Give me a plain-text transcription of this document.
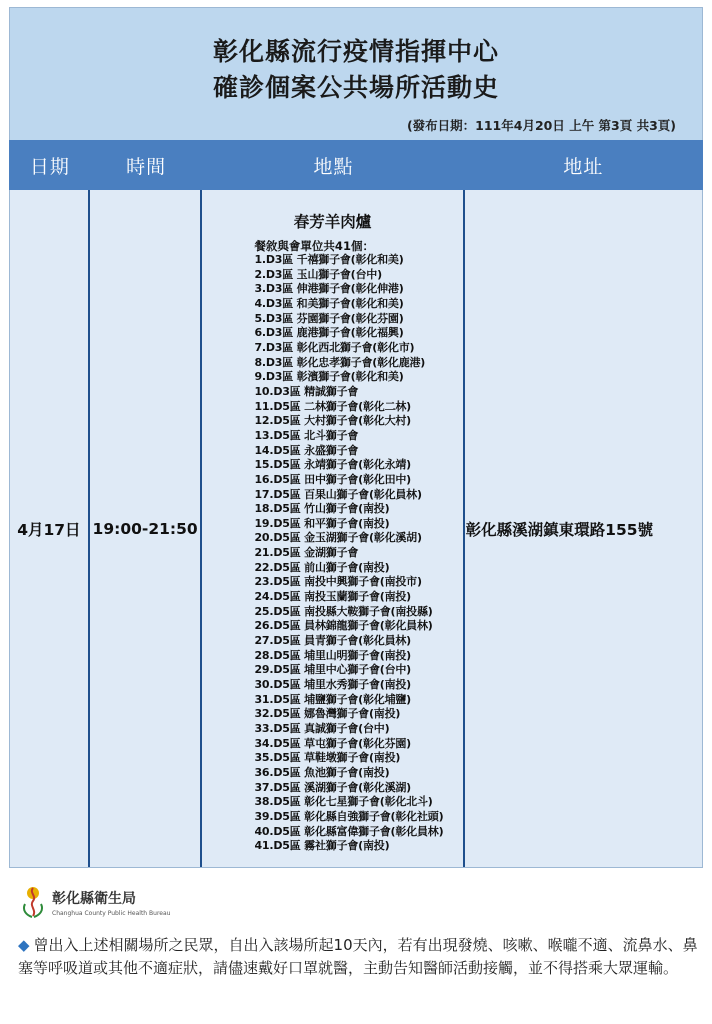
彰化縣流行疫情指揮中心
確診個案公共場所活動史
(發布日期：111年4月20日 上午 第3頁 共3頁)
日期	時間	地點	地址
4月17日 19:00-21:50
春芳羊肉爐
餐敘與會單位共41個：
1.D3區 千禧獅子會(彰化和美)
2.D3區 玉山獅子會(台中)
3.D3區 伸港獅子會(彰化伸港)
4.D3區 和美獅子會(彰化和美)
5.D3區 芬園獅子會(彰化芬園)
6.D3區 鹿港獅子會(彰化福興)
7.D3區 彰化西北獅子會(彰化市)
8.D3區 彰化忠孝獅子會(彰化鹿港)
9.D3區 彰濱獅子會(彰化和美)
10.D3區 精誠獅子會
11.D5區 二林獅子會(彰化二林)
12.D5區 大村獅子會(彰化大村)
13.D5區 北斗獅子會
14.D5區 永盛獅子會
15.D5區 永靖獅子會(彰化永靖)
16.D5區 田中獅子會(彰化田中)
17.D5區 百果山獅子會(彰化員林)
18.D5區 竹山獅子會(南投)
19.D5區 和平獅子會(南投)
20.D5區 金玉湖獅子會(彰化溪胡)
21.D5區 金湖獅子會
22.D5區 前山獅子會(南投)
23.D5區 南投中興獅子會(南投市)
24.D5區 南投玉蘭獅子會(南投)
25.D5區 南投縣大鞍獅子會(南投縣)
26.D5區 員林錦龍獅子會(彰化員林)
27.D5區 員青獅子會(彰化員林)
28.D5區 埔里山明獅子會(南投)
29.D5區 埔里中心獅子會(台中)
30.D5區 埔里水秀獅子會(南投)
31.D5區 埔鹽獅子會(彰化埔鹽)
32.D5區 娜魯灣獅子會(南投)
33.D5區 真誠獅子會(台中)
34.D5區 草屯獅子會(彰化芬園)
35.D5區 草鞋墩獅子會(南投)
36.D5區 魚池獅子會(南投)
37.D5區 溪湖獅子會(彰化溪湖)
38.D5區 彰化七星獅子會(彰化北斗)
39.D5區 彰化縣自強獅子會(彰化社頭)
40.D5區 彰化縣富偉獅子會(彰化員林)
41.D5區 霧社獅子會(南投)
彰化縣溪湖鎮東環路155號
彰化縣衛生局
Changhua County Public Health Bureau
◆ 曾出入上述相關場所之民眾，自出入該場所起10天內，若有出現發燒、咳嗽、喉嚨不適、流鼻水、鼻塞等呼吸道或其他不適症狀，請儘速戴好口罩就醫，主動告知醫師活動接觸，並不得搭乘大眾運輸。
